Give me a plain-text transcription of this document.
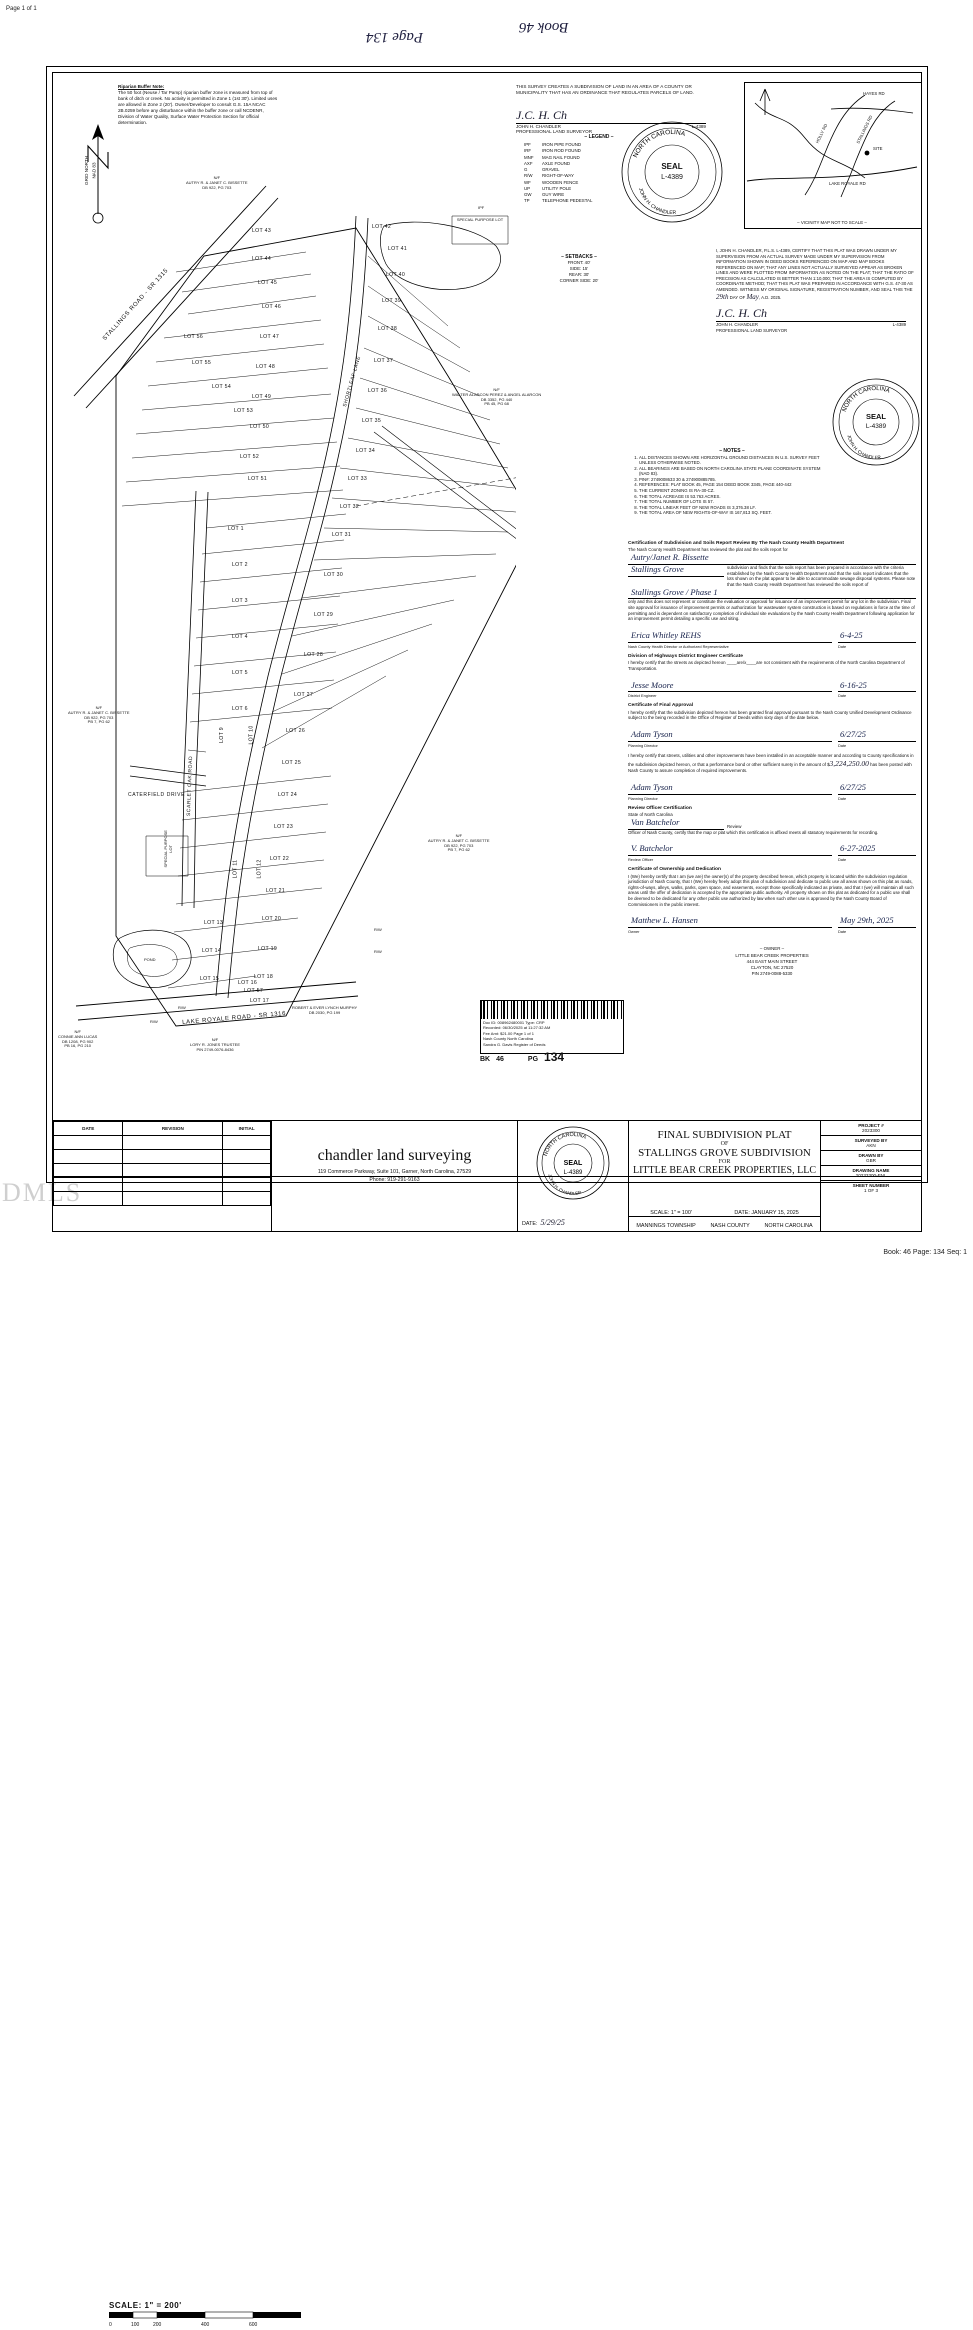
Page 1 of 1
Book: 46 Page: 134 Seq: 1
DMLS
Page 134
Book 46
GRID NORTH NAD 83
Riparian Buffer Note:
The 50 foot (Neuse / Tar Pamp) riparian buffer zone is measured from top of bank of ditch or creek. No activity is permitted in Zone 1 (1st 30'). Limited uses are allowed in Zone 2 (20'). Owner/Developer to consult G.S. 15A NCAC 2B.0259 before any disturbance within the buffer zone or call NCDENR, Division of Water Quality, Surface Water Protection Section for official determination.
THIS SURVEY CREATES A SUBDIVISION OF LAND IN AN AREA OF A COUNTY OR MUNICIPALITY THAT HAS AN ORDINANCE THAT REGULATES PARCELS OF LAND.
J.C. H. Ch
JOHN H. CHANDLER	L-4389
PROFESSIONAL LAND SURVEYOR
– LEGEND –
IPF	IRON PIPE FOUND
IRF IRON ROD FOUND
MNF MAG NAIL FOUND
AXF AXLE FOUND
G	GRAVEL
R/W RIGHT-OF-WAY
WF	WOODEN FENCE
UP	UTILITY POLE
GW GUY WIRE
TP	TELEPHONE PEDESTAL
– SETBACKS –
FRONT: 40'
SIDE: 15'
REAR: 30'
CORNER SIDE: 20'
NORTH CAROLINA
JOHN H. CHANDLER
SEAL
L-4389
HAYES RD
HOLLY RD	STALLINGS RD
LAKE ROYALE RD
SITE
– VICINITY MAP NOT TO SCALE –
I, JOHN H. CHANDLER, P.L.S. L-4389, CERTIFY THAT THIS PLAT WAS DRAWN UNDER MY SUPERVISION FROM AN ACTUAL SURVEY MADE UNDER MY SUPERVISION FROM INFORMATION SHOWN IN DEED BOOKS REFERENCED ON MAP AND MAP BOOKS REFERENCED ON MAP; THAT ANY LINES NOT ACTUALLY SURVEYED APPEAR AS BROKEN LINES AND WERE PLOTTED FROM INFORMATION AS NOTED ON THE PLAT; THAT THE RATIO OF PRECISION AS CALCULATED IS BETTER THAN 1:10,000; THAT THE AREA IS COMPUTED BY COORDINATE METHOD; THAT THIS PLAT WAS PREPARED IN ACCORDANCE WITH G.S. 47-30 AS AMENDED. WITNESS MY ORIGINAL SIGNATURE, REGISTRATION NUMBER, AND SEAL THIS THE 29th DAY OF May, A.D. 2025.
J.C. H. Ch
JOHN H. CHANDLER	L-4389
PROFESSIONAL LAND SURVEYOR
NORTH CAROLINA
JOHN H. CHANDLER
SEAL
L-4389
– NOTES –
1. ALL DISTANCES SHOWN ARE HORIZONTAL GROUND DISTANCES IN U.S. SURVEY FEET UNLESS OTHERWISE NOTED.
2. ALL BEARINGS ARE BASED ON NORTH CAROLINA STATE PLANE COORDINATE SYSTEM (NAD 83).
3. PIN#: 2749008633 30 & 274900885785.
4. REFERENCES: PLAT BOOK 45, PAGE 154 DEED BOOK 3345, PAGE 440-442
5. THE CURRENT ZONING IS RA-30-CZ.
6. THE TOTAL ACREAGE IS 53.763 ACRES.
7. THE TOTAL NUMBER OF LOTS IS 57.
8. THE TOTAL LINEAR FEET OF NEW ROADS IS 3,376.38 LF.
9. THE TOTAL AREA OF NEW RIGHTS-OF-WAY IS 167,813 SQ. FEET.
LOT 43
LOT 42
LOT 41
LOT 44
LOT 45
LOT 40
LOT 39
LOT 46
LOT 38
LOT 56	LOT 47
LOT 37
LOT 55
LOT 48
LOT 36
LOT 54
LOT 49
LOT 35
LOT 53
LOT 50
LOT 34
LOT 52
LOT 51	LOT 33
LOT 32
LOT 31
LOT 1
LOT 30
LOT 2
LOT 29
LOT 3
LOT 28
LOT 4
LOT 5
LOT 27
LOT 6
LOT 26
LOT 25
LOT 9	LOT 10
LOT 24
LOT 23
LOT 22
LOT 11	LOT 12
LOT 21
LOT 20
LOT 13
LOT 19
LOT 14
LOT 18
LOT 15
LOT 17
LOT 16
LOT 57
STALLINGS ROAD - SR 1315
LAKE ROYALE ROAD - SR 1316
SHORTLEAF LANE
SCARLET OAK ROAD
CATERFIELD DRIVE
SPECIAL PURPOSE LOT
SPECIAL PURPOSE LOT
POND
R/W
R/W
R/W
R/W
IPF
N/F
AUTRY R. & JANET C. BISSETTE
DB 922, PG 703
N/F
WALTER ALARCON PEREZ & ANGEL ALARCON
DB 3352, PG 440
PB 45, PG 68
N/F
AUTRY R. & JANET C. BISSETTE
DB 922, PG 703
PB 7, PG 62
N/F
AUTRY R. & JANET C. BISSETTE
DB 922, PG 703
PB 7, PG 62
ROBERT & EVER LYNCH MURPHY
DB 2030, PG 199
N/F
CONNIE ANN LUCAS
DB 1208, PG 902
PB 16, PG 210
N/F
LORY R. JONES TRUSTEE
PIN 2749-0076-8436
Doc ID: 008962480001 Type: CRP
Recorded: 06/30/2025 at 11:27:32 AM
Fee Amt: $21.00 Page 1 of 1
Nash County North Carolina
Sandra G. Davis Register of Deeds
BK 46	PG 134
Certification of Subdivision and Soils Report Review By The Nash County Health Department
The Nash County Health Department has reviewed the plat and the soils report for
Autry/Janet R. Bissette
Stallings Grove	subdivision and finds that the soils report has been prepared in accordance with the criteria established by the Nash County Health Department and that the soils report indicates that the lots shown on the plat appear to be able to accommodate sewage disposal systems. Please note that the Nash County Health Department has reviewed the soils report of
Stallings Grove / Phase 1
only and this does not represent or constitute the evaluation or approval for issuance of an improvement permit for any lot in the subdivision. Final site approval for issuance of improvement permits or authorization for wastewater system construction is based on regulations in force at the time of permitting and is dependent on satisfactory completion of individual site evaluations by the Nash County Health Department following application for an improvement permit detailing a specific use and siting.
Erica Whitley REHS
Nash County Health Director or Authorized Representative
6-4-25
Date
Division of Highways District Engineer Certificate
I hereby certify that the streets as depicted hereon ____are/x____are not consistent with the requirements of the North Carolina Department of Transportation.
Jesse Moore
District Engineer
6-16-25
Date
Certificate of Final Approval
I hereby certify that the subdivision depicted hereon has been granted final approval pursuant to the Nash County Unified Development Ordinance subject to the being recorded in the Office of Register of Deeds within sixty days of the date below.
Adam Tyson
Planning Director
6/27/25
Date
I hereby certify that streets, utilities and other improvements have been installed in an acceptable manner and according to County specifications in the subdivision depicted hereon, or that a performance bond or other sufficient surety in the amount of $3,224,250.00 has been posted with Nash County to assure completion of required improvements.
Adam Tyson
Planning Director
6/27/25
Date
Review Officer Certification
State of North Carolina
Van Batchelor	Review
Officer of Nash County, certify that the map or plat which this certification is affixed meets all statutory requirements for recording.
V. Batchelor
Review Officer
6-27-2025
Date
Certificate of Ownership and Dedication
I (We) hereby certify that I am (we are) the owner(s) of the property described hereon, which property is located within the subdivision regulation jurisdiction of Nash County, that I (We) hereby freely adopt this plan of subdivision and dedicate to public use all areas shown on this plat as roads, rights-of-ways, alleys, walks, parks, open space, and easements, except those specifically indicated as private, and that I (we) will maintain all such areas until the offer of dedication is accepted by the appropriate public authority. All property shown on this plat as dedicated for a public use shall be deemed to be dedicated for any other public use authorized by law when such other use is approved by the Nash County Board of Commissioners in the public interest.
Matthew L. Hansen
Owner
May 29th, 2025
Date
– OWNER –
LITTLE BEAR CREEK PROPERTIES
444 EAST MAIN STREET
CLAYTON, NC 27520
PIN 2749-0088-5330
DATE	REVISION	INITIAL

SCALE: 1" = 200'
0	100	200	400	600
chandler land surveying
119 Commerce Parkway, Suite 101, Garner, North Carolina, 27529
Phone: 919-291-9163
NORTH CAROLINA
JOHN H. CHANDLER
SEAL
L-4389
DATE: 5/29/25
FINAL SUBDIVISION PLAT
OF
STALLINGS GROVE SUBDIVISION
FOR
LITTLE BEAR CREEK PROPERTIES, LLC
SCALE: 1" = 100'	DATE: JANUARY 15, 2025
MANNINGS TOWNSHIP	NASH COUNTY	NORTH CAROLINA
PROJECT #
2023300
SURVEYED BY
AKN
DRAWN BY
GBR
DRAWING NAME
20233300-FNL
SHEET NUMBER
1 OF 3
